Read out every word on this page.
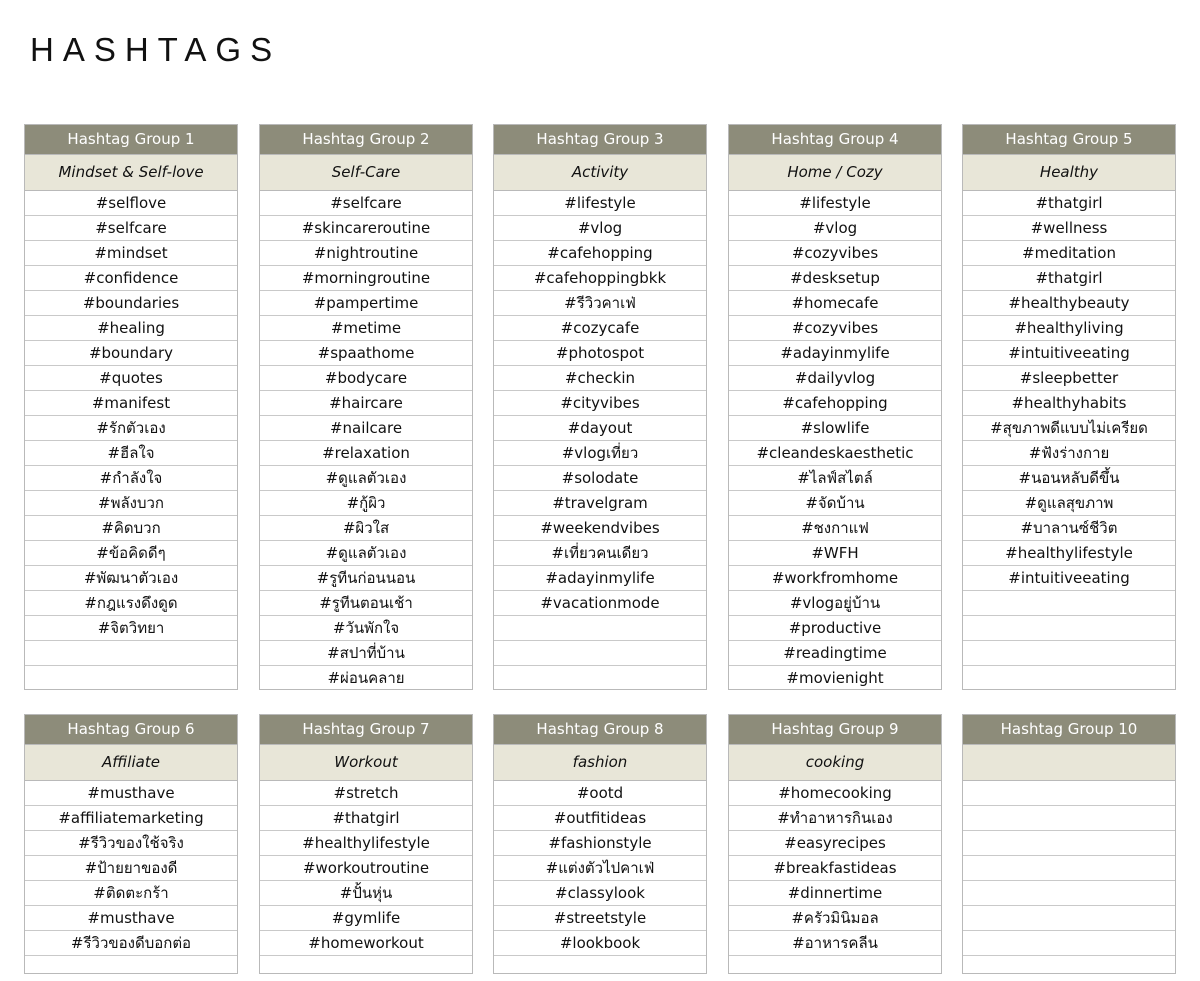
HASHTAGS
Hashtag Group 1
Mindset & Self-love
#selflove
#selfcare
#mindset
#confidence
#boundaries
#healing
#boundary
#quotes
#manifest
#รักตัวเอง
#ฮีลใจ
#กำลังใจ
#พลังบวก
#คิดบวก
#ข้อคิดดีๆ
#พัฒนาตัวเอง
#กฎแรงดึงดูด
#จิตวิทยา
Hashtag Group 2
Self-Care
#selfcare
#skincareroutine
#nightroutine
#morningroutine
#pampertime
#metime
#spaathome
#bodycare
#haircare
#nailcare
#relaxation
#ดูแลตัวเอง
#กู้ผิว
#ผิวใส
#ดูแลตัวเอง
#รูทีนก่อนนอน
#รูทีนตอนเช้า
#วันพักใจ
#สปาที่บ้าน
#ผ่อนคลาย
Hashtag Group 3
Activity
#lifestyle
#vlog
#cafehopping
#cafehoppingbkk
#รีวิวคาเฟ่
#cozycafe
#photospot
#checkin
#cityvibes
#dayout
#vlogเที่ยว
#solodate
#travelgram
#weekendvibes
#เที่ยวคนเดียว
#adayinmylife
#vacationmode
Hashtag Group 4
Home / Cozy
#lifestyle
#vlog
#cozyvibes
#desksetup
#homecafe
#cozyvibes
#adayinmylife
#dailyvlog
#cafehopping
#slowlife
#cleandeskaesthetic
#ไลฟ์สไตล์
#จัดบ้าน
#ชงกาแฟ
#WFH
#workfromhome
#vlogอยู่บ้าน
#productive
#readingtime
#movienight
Hashtag Group 5
Healthy
#thatgirl
#wellness
#meditation
#thatgirl
#healthybeauty
#healthyliving
#intuitiveeating
#sleepbetter
#healthyhabits
#สุขภาพดีแบบไม่เครียด
#ฟังร่างกาย
#นอนหลับดีขึ้น
#ดูแลสุขภาพ
#บาลานซ์ชีวิต
#healthylifestyle
#intuitiveeating
Hashtag Group 6
Affiliate
#musthave
#affiliatemarketing
#รีวิวของใช้จริง
#ป้ายยาของดี
#ติดตะกร้า
#musthave
#รีวิวของดีบอกต่อ
Hashtag Group 7
Workout
#stretch
#thatgirl
#healthylifestyle
#workoutroutine
#ปั้นหุ่น
#gymlife
#homeworkout
Hashtag Group 8
fashion
#ootd
#outfitideas
#fashionstyle
#แต่งตัวไปคาเฟ่
#classylook
#streetstyle
#lookbook
Hashtag Group 9
cooking
#homecooking
#ทำอาหารกินเอง
#easyrecipes
#breakfastideas
#dinnertime
#ครัวมินิมอล
#อาหารคลีน
Hashtag Group 10
